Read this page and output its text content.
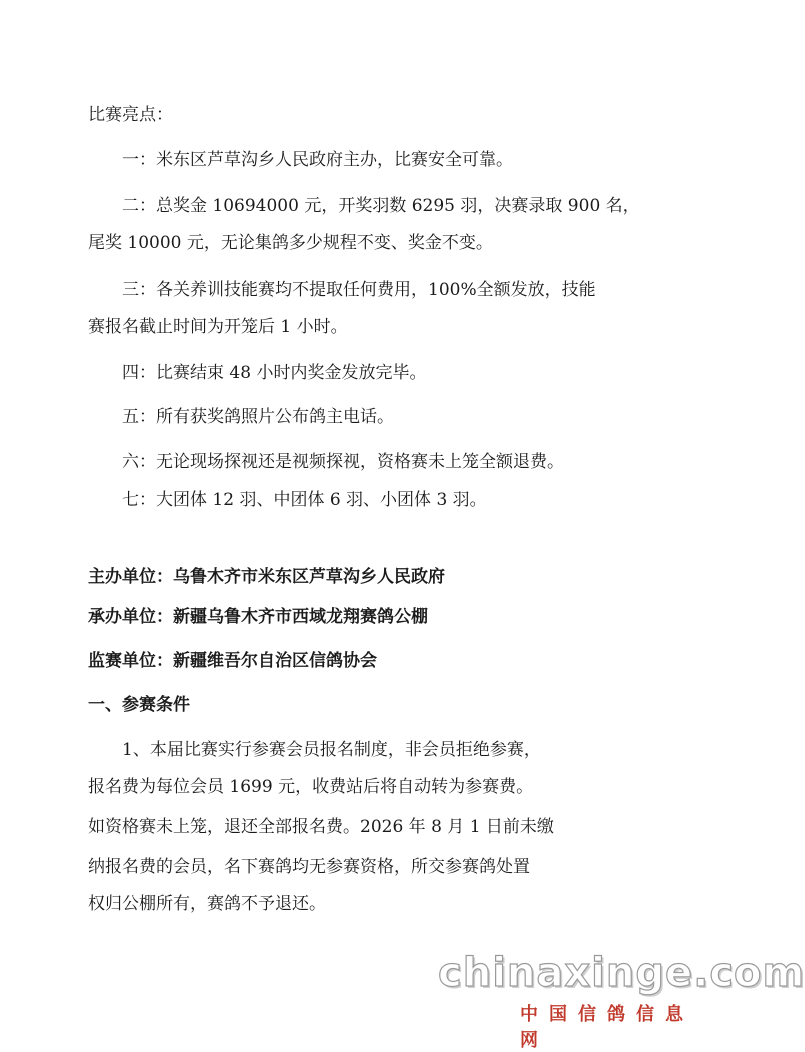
比赛亮点：
一：米东区芦草沟乡人民政府主办，比赛安全可靠。
二：总奖金 10694000 元，开奖羽数 6295 羽，决赛录取 900 名，
尾奖 10000 元，无论集鸽多少规程不变、奖金不变。
三：各关养训技能赛均不提取任何费用，100%全额发放，技能
赛报名截止时间为开笼后 1 小时。
四：比赛结束 48 小时内奖金发放完毕。
五：所有获奖鸽照片公布鸽主电话。
六：无论现场探视还是视频探视，资格赛未上笼全额退费。
七：大团体 12 羽、中团体 6 羽、小团体 3 羽。
主办单位：乌鲁木齐市米东区芦草沟乡人民政府
承办单位：新疆乌鲁木齐市西域龙翔赛鸽公棚
监赛单位：新疆维吾尔自治区信鸽协会
一、参赛条件
1、本届比赛实行参赛会员报名制度，非会员拒绝参赛，
报名费为每位会员 1699 元，收费站后将自动转为参赛费。
如资格赛未上笼，退还全部报名费。2026 年 8 月 1 日前未缴
纳报名费的会员，名下赛鸽均无参赛资格，所交参赛鸽处置
权归公棚所有，赛鸽不予退还。
chinaxinge.com
中国信鸽信息网
